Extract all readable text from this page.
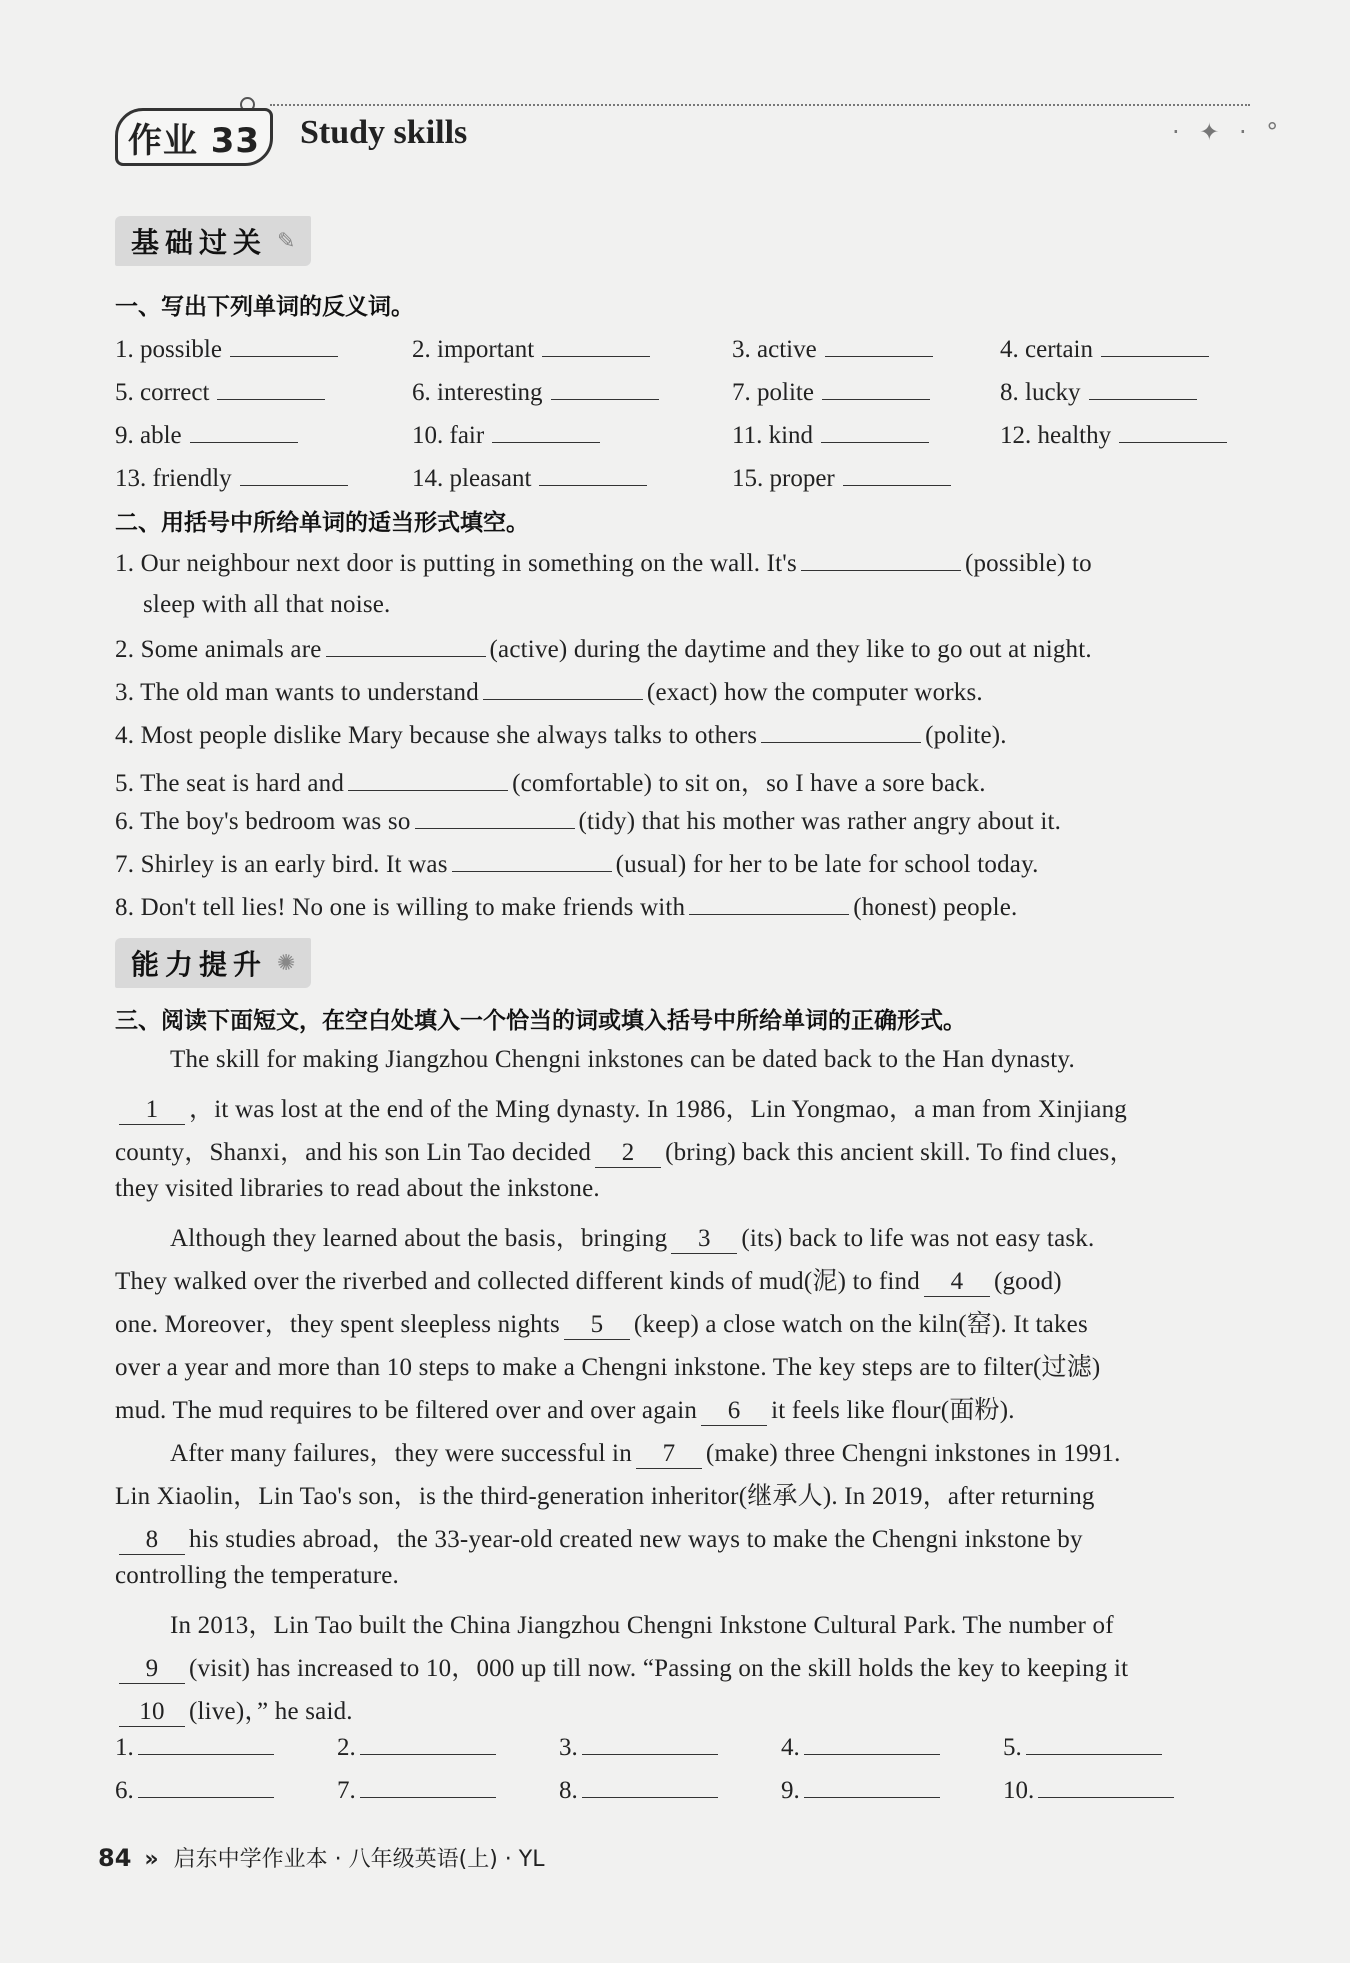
作业 33	Study skills	· ✦ · °
基础过关 ✎
一、写出下列单词的反义词。
1. possible	2. important	3. active	4. certain
5. correct	6. interesting	7. polite	8. lucky
9. able	10. fair	11. kind	12. healthy
13. friendly	14. pleasant	15. proper
二、用括号中所给单词的适当形式填空。
1. Our neighbour next door is putting in something on the wall. It's	(possible) to
sleep with all that noise.
2. Some animals are	(active) during the daytime and they like to go out at night.
3. The old man wants to understand	(exact) how the computer works.
4. Most people dislike Mary because she always talks to others	(polite).
5. The seat is hard and	(comfortable) to sit on，so I have a sore back.
6. The boy's bedroom was so	(tidy) that his mother was rather angry about it.
7. Shirley is an early bird. It was	(usual) for her to be late for school today.
8. Don't tell lies! No one is willing to make friends with	(honest) people.
能力提升 ✺
三、阅读下面短文，在空白处填入一个恰当的词或填入括号中所给单词的正确形式。
The skill for making Jiangzhou Chengni inkstones can be dated back to the Han dynasty.
1 ，it was lost at the end of the Ming dynasty. In 1986，Lin Yongmao，a man from Xinjiang
county，Shanxi，and his son Lin Tao decided 2 (bring) back this ancient skill. To find clues，
they visited libraries to read about the inkstone.
Although they learned about the basis，bringing 3 (its) back to life was not easy task.
They walked over the riverbed and collected different kinds of mud(泥) to find 4 (good)
one. Moreover，they spent sleepless nights 5 (keep) a close watch on the kiln(窑). It takes
over a year and more than 10 steps to make a Chengni inkstone. The key steps are to filter(过滤)
mud. The mud requires to be filtered over and over again 6 it feels like flour(面粉).
After many failures，they were successful in 7 (make) three Chengni inkstones in 1991.
Lin Xiaolin，Lin Tao's son，is the third-generation inheritor(继承人). In 2019，after returning
8 his studies abroad，the 33-year-old created new ways to make the Chengni inkstone by
controlling the temperature.
In 2013，Lin Tao built the China Jiangzhou Chengni Inkstone Cultural Park. The number of
9 (visit) has increased to 10，000 up till now. “Passing on the skill holds the key to keeping it
10 (live)，” he said.
1.	2.	3.	4.	5.
6.	7.	8.	9.	10.
84 » 启东中学作业本 · 八年级英语(上) · YL
